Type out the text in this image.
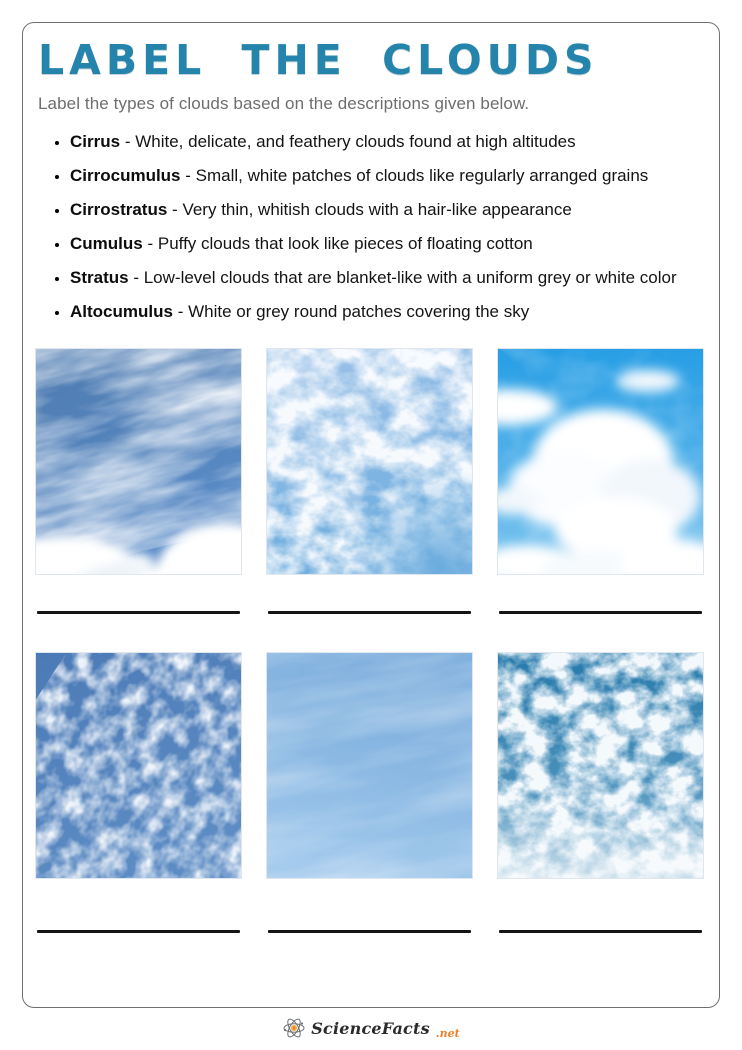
LABEL THE CLOUDS
Label the types of clouds based on the descriptions given below.
• Cirrus - White, delicate, and feathery clouds found at high altitudes
• Cirrocumulus - Small, white patches of clouds like regularly arranged grains
• Cirrostratus - Very thin, whitish clouds with a hair-like appearance
• Cumulus - Puffy clouds that look like pieces of floating cotton
• Stratus - Low-level clouds that are blanket-like with a uniform grey or white color
• Altocumulus - White or grey round patches covering the sky
ScienceFacts .net
